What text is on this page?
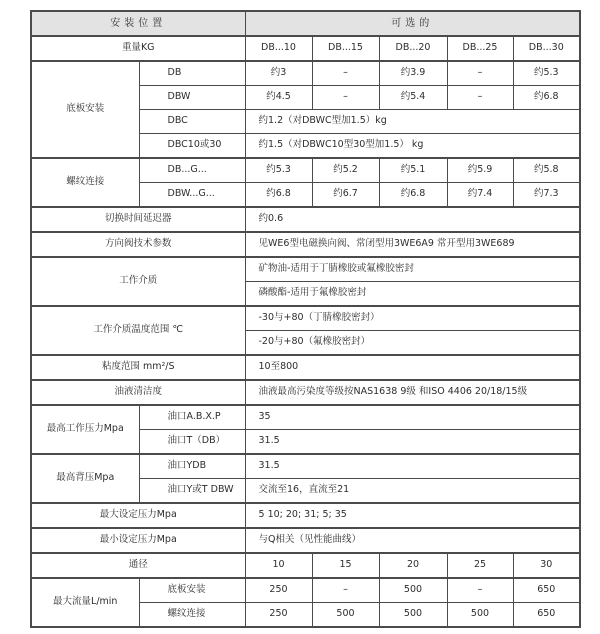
安装位置		可选的				
重量KG		DB...10	DB...15	DB...20	DB...25	DB...30
底板安装	DB	约3	–	约3.9	–	约5.3
	DBW	约4.5	–	约5.4	–	约6.8
	DBC	约1.2（对DBWC型加1.5）kg				
	DBC10或30	约1.5（对DBWC10型30型加1.5） kg				
螺纹连接	DB...G...	约5.3	约5.2	约5.1	约5.9	约5.8
	DBW...G...	约6.8	约6.7	约6.8	约7.4	约7.3
切换时间延迟器		约0.6				
方向阀技术参数		见WE6型电磁换向阀、常闭型用3WE6A9 常开型用3WE689				
工作介质		矿物油-适用于丁腈橡胶或氟橡胶密封				
		磷酸酯-适用于氟橡胶密封				
工作介质温度范围 ℃		-30与+80（丁腈橡胶密封）				
		-20与+80（氟橡胶密封）				
粘度范围 mm²/S		10至800				
油液清洁度		油液最高污染度等级按NAS1638 9级 和ISO 4406 20/18/15级				
最高工作压力Mpa	油口A.B.X.P	35				
	油口T（DB）	31.5				
最高背压Mpa	油口YDB	31.5				
	油口Y或T DBW	交流至16，直流至21				
最大设定压力Mpa		5 10; 20; 31; 5; 35				
最小设定压力Mpa		与Q相关（见性能曲线）				
通径		10	15	20	25	30
最大流量L/min	底板安装	250	–	500	–	650
	螺纹连接	250	500	500	500	650
